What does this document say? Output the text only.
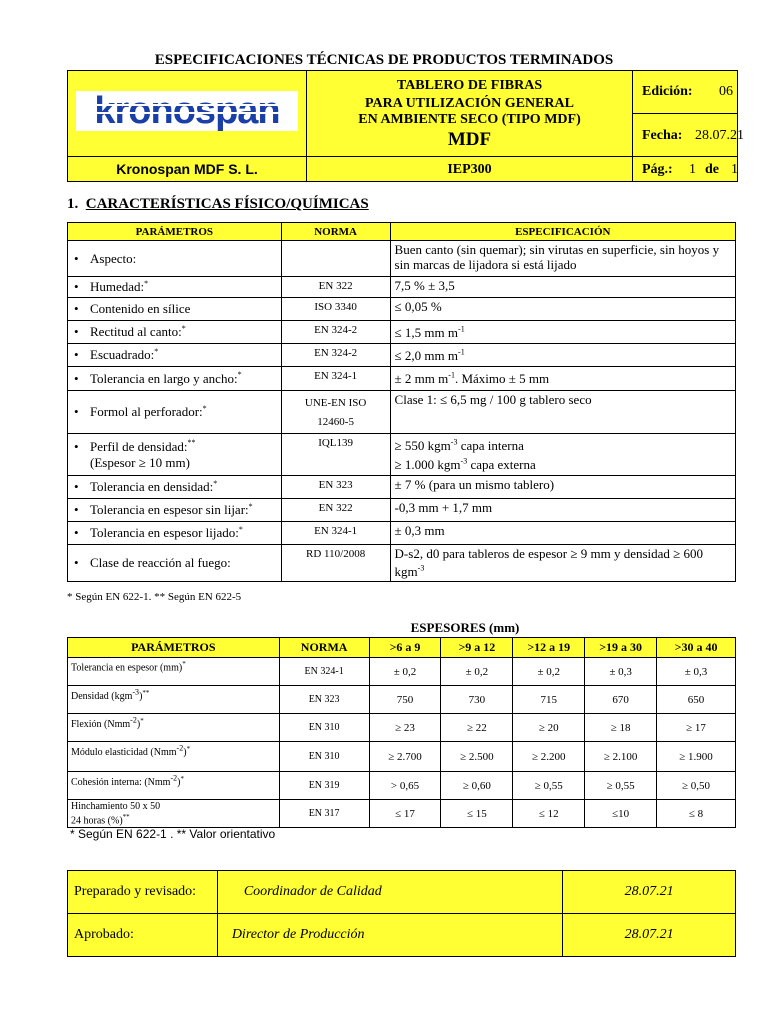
ESPECIFICACIONES TÉCNICAS DE PRODUCTOS TERMINADOS
kronospan
TABLERO DE FIBRAS
PARA UTILIZACIÓN GENERAL
EN AMBIENTE SECO (TIPO MDF)
MDF
Edición: 06
Fecha: 28.07.21
Kronospan MDF S. L.	IEP300	Pág.: 1 de 1
1. CARACTERÍSTICAS FÍSICO/QUÍMICAS
PARÁMETROS	NORMA	ESPECIFICACIÓN
• Aspecto:		Buen canto (sin quemar); sin virutas en superficie, sin hoyos y sin marcas de lijadora si está lijado
• Humedad:*	EN 322	7,5 % ± 3,5
• Contenido en sílice	ISO 3340	≤ 0,05 %
• Rectitud al canto:*	EN 324-2	≤ 1,5 mm $m^{-1}$
• Escuadrado:*	EN 324-2	≤ 2,0 mm $m^{-1}$
• Tolerancia en largo y ancho:*	EN 324-1	± 2 mm $m^{-1}$. Máximo ± 5 mm
• Formol al perforador:*	UNE-EN ISO
12460-5	Clase 1: ≤ 6,5 mg / 100 g tablero seco
• Perfil de densidad:**
(Espesor ≥ 10 mm)	IQL139	≥ 550 kgm$^{-3}$ capa interna
≥ 1.000 kgm$^{-3}$ capa externa

• Tolerancia en densidad:*	EN 323	± 7 % (para un mismo tablero)
• Tolerancia en espesor sin lijar:*	EN 322	-0,3 mm + 1,7 mm
• Tolerancia en espesor lijado:*	EN 324-1	± 0,3 mm
• Clase de reacción al fuego:	RD 110/2008	D-s2, d0 para tableros de espesor ≥ 9 mm y densidad ≥ 600 kgm$^{-3}$
* Según EN 622-1. ** Según EN 622-5
ESPESORES (mm)
PARÁMETROS	NORMA	>6 a 9	>9 a 12	>12 a 19	>19 a 30	>30 a 40
Tolerancia en espesor (mm)*	EN 324-1	± 0,2	± 0,2	± 0,2	± 0,3	± 0,3
Densidad (kgm$^{-3}$)**	EN 323	750	730	715	670	650
Flexión (Nmm$^{-2}$)*	EN 310	≥ 23	≥ 22	≥ 20	≥ 18	≥ 17
Módulo elasticidad (Nmm$^{-2}$)*	EN 310	≥ 2.700	≥ 2.500	≥ 2.200	≥ 2.100	≥ 1.900
Cohesión interna: (Nmm$^{-2}$)*	EN 319	> 0,65	≥ 0,60	≥ 0,55	≥ 0,55	≥ 0,50
Hinchamiento 50 x 50
24 horas (%)**	EN 317	≤ 17	≤ 15	≤ 12	≤10	≤ 8
* Según EN 622-1 . ** Valor orientativo
Preparado y revisado:	Coordinador de Calidad	28.07.21
Aprobado:	Director de Producción	28.07.21
